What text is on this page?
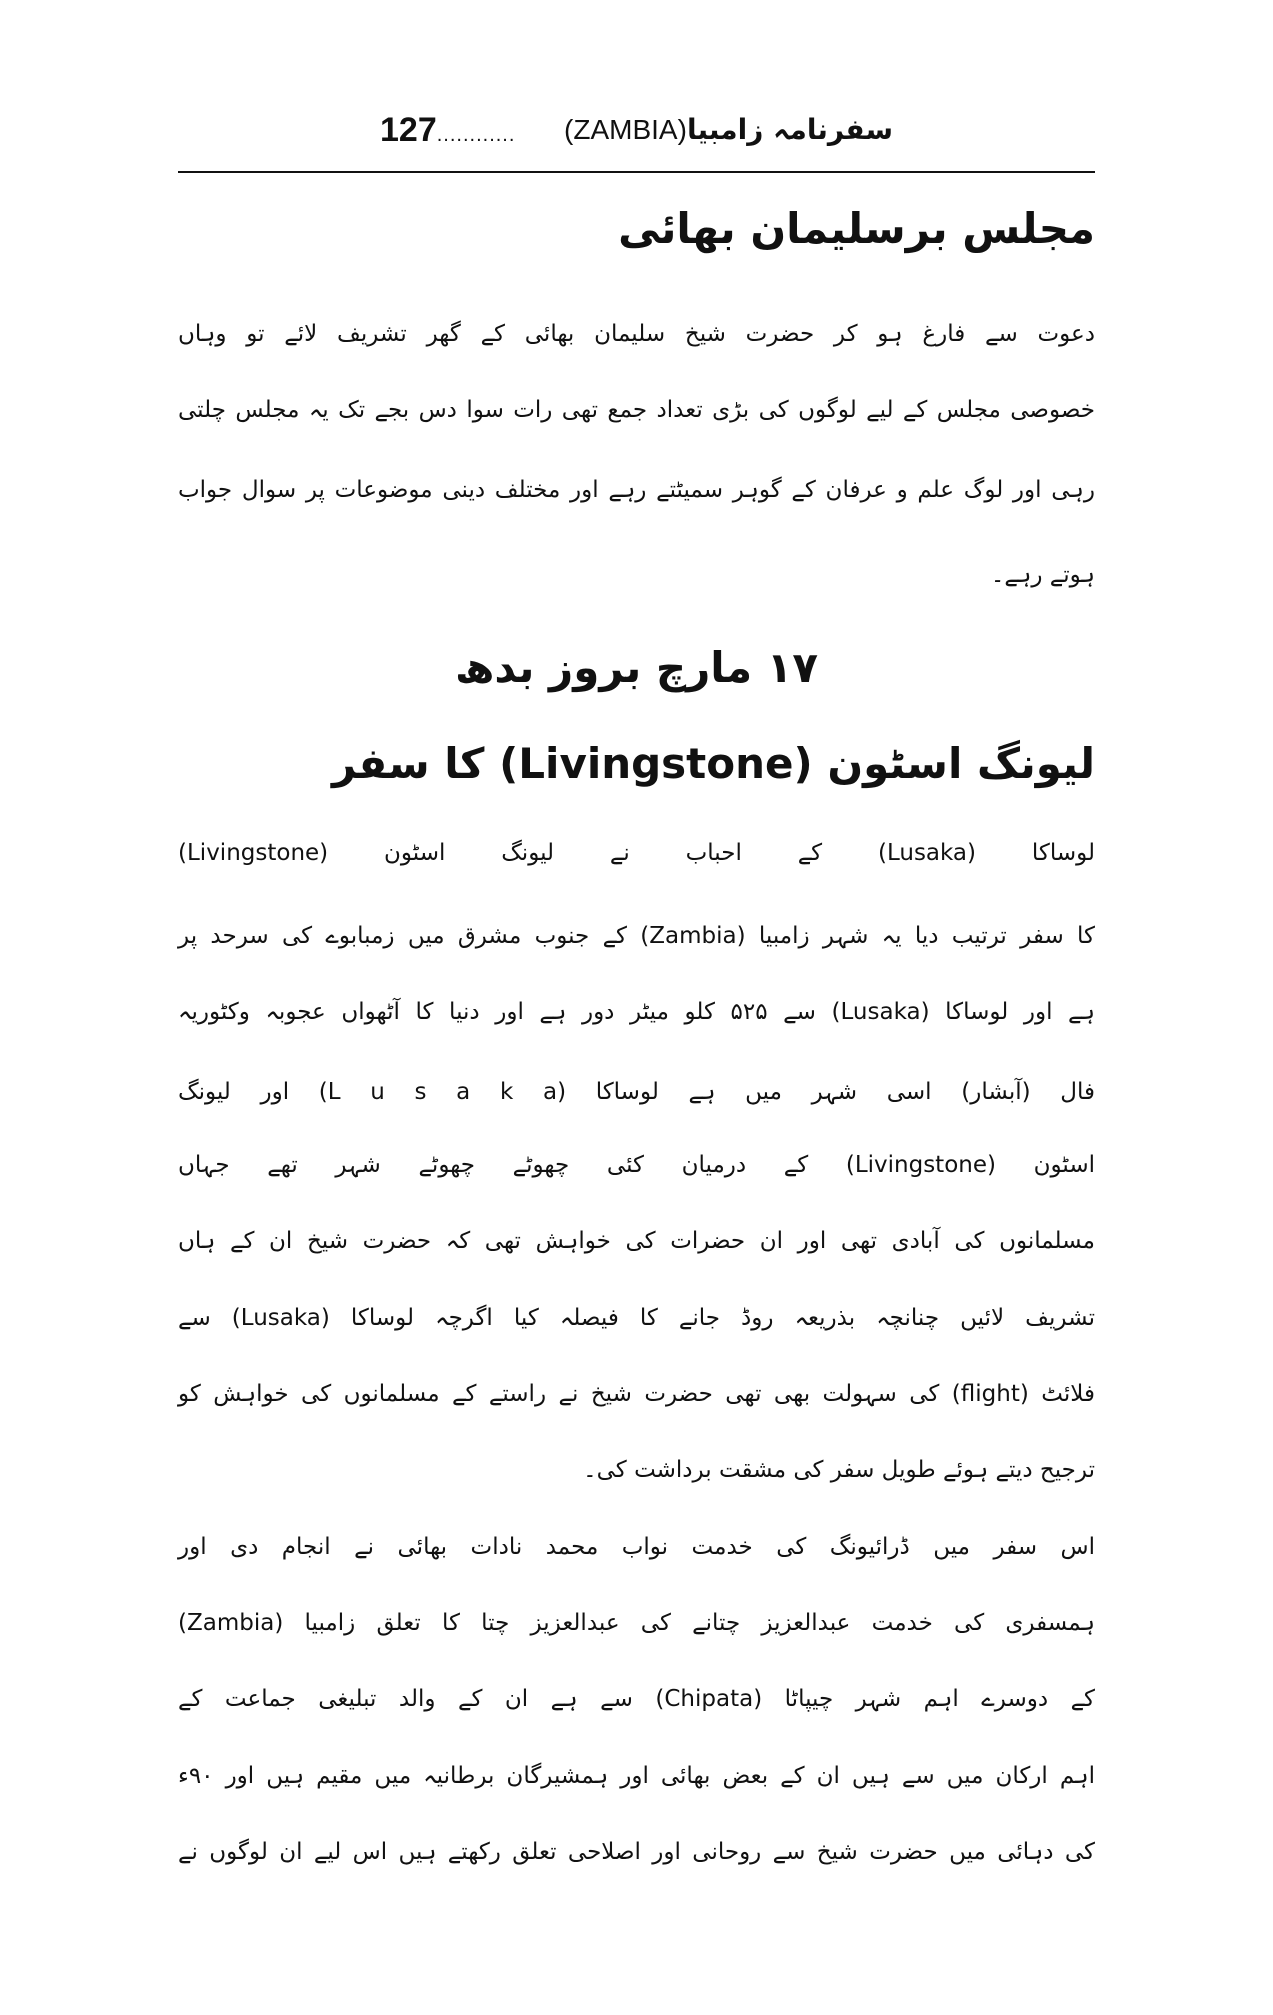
127............	سفرنامہ زامبیا(ZAMBIA)
مجلس برسلیمان بھائی
دعوت سے فارغ ہو کر حضرت شیخ سلیمان بھائی کے گھر تشریف لائے تو وہاں
خصوصی مجلس کے لیے لوگوں کی بڑی تعداد جمع تھی رات سوا دس بجے تک یہ مجلس چلتی
رہی اور لوگ علم و عرفان کے گوہر سمیٹتے رہے اور مختلف دینی موضوعات پر سوال جواب
ہوتے رہے۔
۱۷ مارچ بروز بدھ
لیونگ اسٹون (Livingstone) کا سفر
لوساکا (Lusaka) کے احباب نے لیونگ اسٹون (Livingstone)
کا سفر ترتیب دیا یہ شہر زامبیا (Zambia) کے جنوب مشرق میں زمبابوے کی سرحد پر
ہے اور لوساکا (Lusaka) سے ۵۲۵ کلو میٹر دور ہے اور دنیا کا آٹھواں عجوبہ وکٹوریہ
فال (آبشار) اسی شہر میں ہے لوساکا (L u s a k a) اور لیونگ
اسٹون (Livingstone) کے درمیان کئی چھوٹے چھوٹے شہر تھے جہاں
مسلمانوں کی آبادی تھی اور ان حضرات کی خواہش تھی کہ حضرت شیخ ان کے ہاں
تشریف لائیں چنانچہ بذریعہ روڈ جانے کا فیصلہ کیا اگرچہ لوساکا (Lusaka) سے
فلائٹ (flight) کی سہولت بھی تھی حضرت شیخ نے راستے کے مسلمانوں کی خواہش کو
ترجیح دیتے ہوئے طویل سفر کی مشقت برداشت کی۔
اس سفر میں ڈرائیونگ کی خدمت نواب محمد نادات بھائی نے انجام دی اور
ہمسفری کی خدمت عبدالعزیز چتانے کی عبدالعزیز چتا کا تعلق زامبیا (Zambia)
کے دوسرے اہم شہر چیپاٹا (Chipata) سے ہے ان کے والد تبلیغی جماعت کے
اہم ارکان میں سے ہیں ان کے بعض بھائی اور ہمشیرگان برطانیہ میں مقیم ہیں اور ۹۰ء
کی دہائی میں حضرت شیخ سے روحانی اور اصلاحی تعلق رکھتے ہیں اس لیے ان لوگوں نے
